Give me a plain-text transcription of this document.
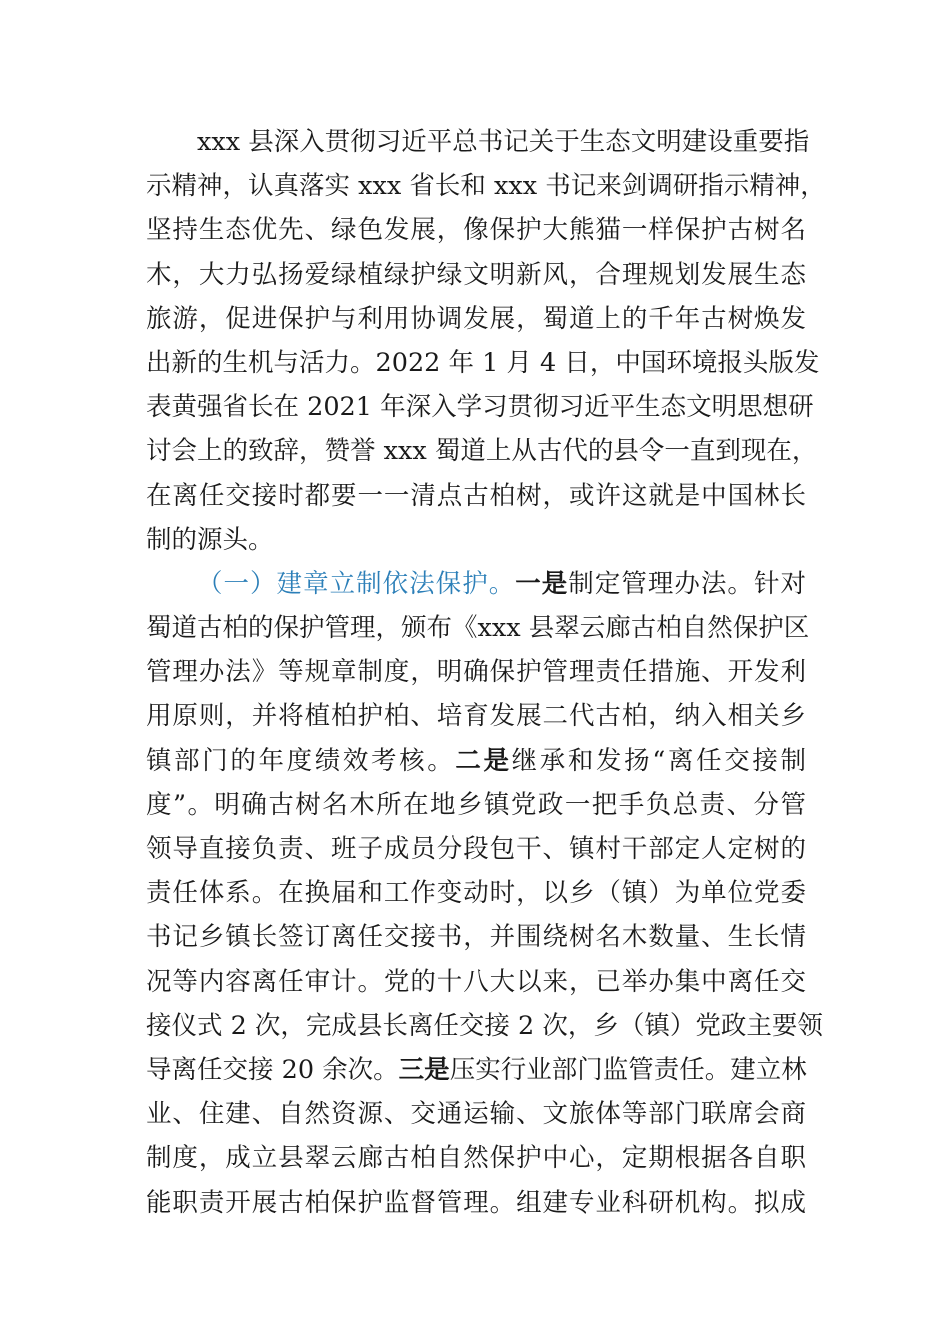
xxx 县深入贯彻习近平总书记关于生态文明建设重要指
示精神，认真落实 xxx 省长和 xxx 书记来剑调研指示精神，
坚持生态优先、绿色发展，像保护大熊猫一样保护古树名
木，大力弘扬爱绿植绿护绿文明新风，合理规划发展生态
旅游，促进保护与利用协调发展，蜀道上的千年古树焕发
出新的生机与活力。2022 年 1 月 4 日，中国环境报头版发
表黄强省长在 2021 年深入学习贯彻习近平生态文明思想研
讨会上的致辞，赞誉 xxx 蜀道上从古代的县令一直到现在，
在离任交接时都要一一清点古柏树，或许这就是中国林长
制的源头。
（一）建章立制依法保护。一是制定管理办法。针对
蜀道古柏的保护管理，颁布《xxx 县翠云廊古柏自然保护区
管理办法》等规章制度，明确保护管理责任措施、开发利
用原则，并将植柏护柏、培育发展二代古柏，纳入相关乡
镇部门的年度绩效考核。二是继承和发扬“离任交接制
度”。明确古树名木所在地乡镇党政一把手负总责、分管
领导直接负责、班子成员分段包干、镇村干部定人定树的
责任体系。在换届和工作变动时，以乡（镇）为单位党委
书记乡镇长签订离任交接书，并围绕树名木数量、生长情
况等内容离任审计。党的十八大以来，已举办集中离任交
接仪式 2 次，完成县长离任交接 2 次，乡（镇）党政主要领
导离任交接 20 余次。三是压实行业部门监管责任。建立林
业、住建、自然资源、交通运输、文旅体等部门联席会商
制度，成立县翠云廊古柏自然保护中心，定期根据各自职
能职责开展古柏保护监督管理。组建专业科研机构。拟成
